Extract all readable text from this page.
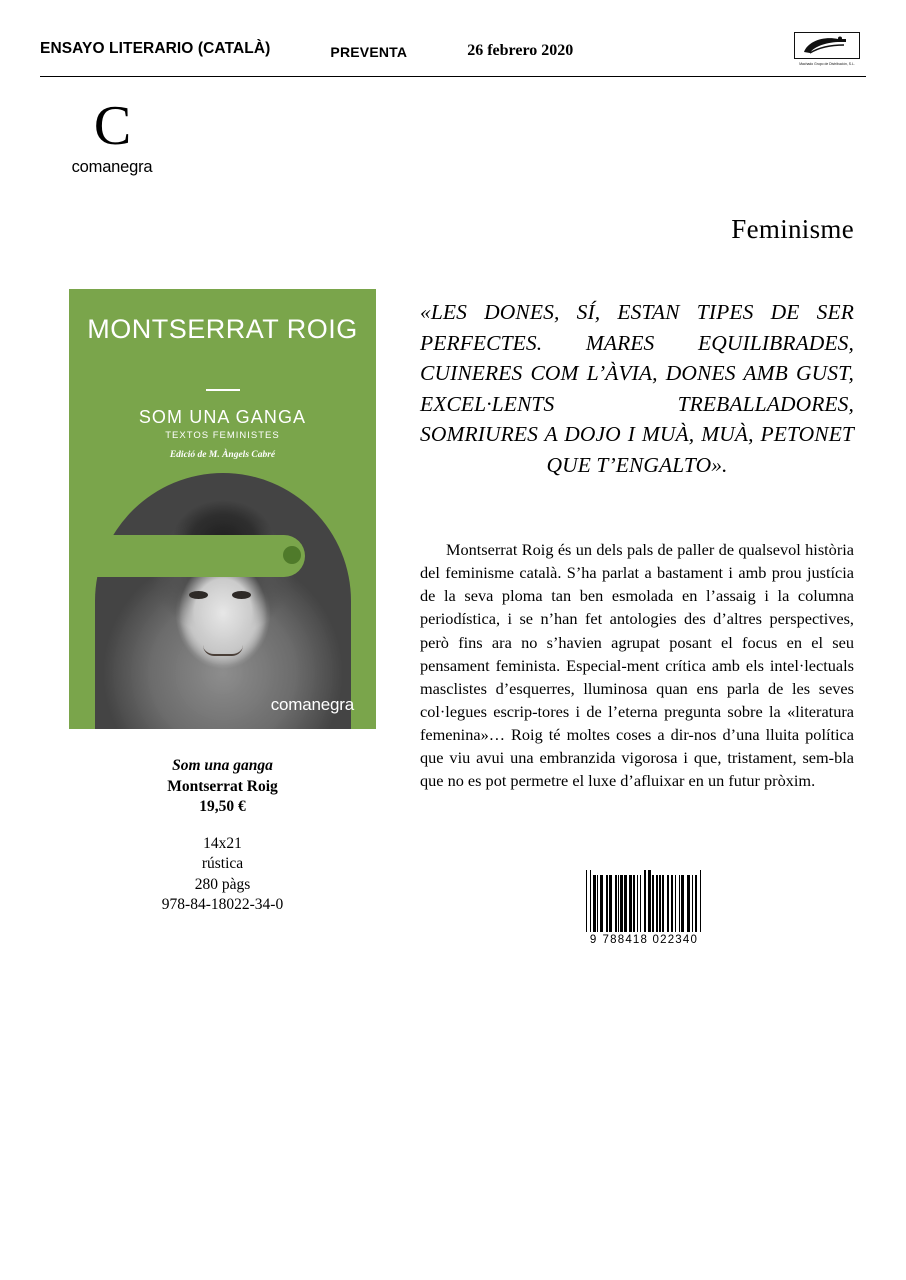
ENSAYO LITERARIO (CATALÀ)	PREVENTA	26 febrero 2020
Machado Grupo de Distribución, S.L.
C
comanegra
Feminisme
MONTSERRAT ROIG
SOM UNA GANGA
TEXTOS FEMINISTES
Edició de M. Àngels Cabré
comanegra
Som una ganga
Montserrat Roig
19,50 €
14x21
rústica
280 pàgs
978-84-18022-34-0
«LES DONES, SÍ, ESTAN TIPES DE SER PERFECTES. MARES EQUILIBRADES, CUINERES COM L’ÀVIA, DONES AMB GUST, EXCEL·LENTS TREBALLADORES, SOMRIURES A DOJO I MUÀ, MUÀ, PETONET QUE T’ENGALTO».
Montserrat Roig és un dels pals de paller de qualsevol història del feminisme català. S’ha parlat a bastament i amb prou justícia de la seva ploma tan ben esmolada en l’assaig i la columna periodística, i se n’han fet antologies des d’altres perspectives, però fins ara no s’havien agrupat posant el focus en el seu pensament feminista. Especial-ment crítica amb els intel·lectuals masclistes d’esquerres, lluminosa quan ens parla de les seves col·legues escrip-tores i de l’eterna pregunta sobre la «literatura femenina»… Roig té moltes coses a dir-nos d’una lluita política que viu avui una embranzida vigorosa i que, tristament, sem-bla que no es pot permetre el luxe d’afluixar en un futur pròxim.
9 788418 022340
